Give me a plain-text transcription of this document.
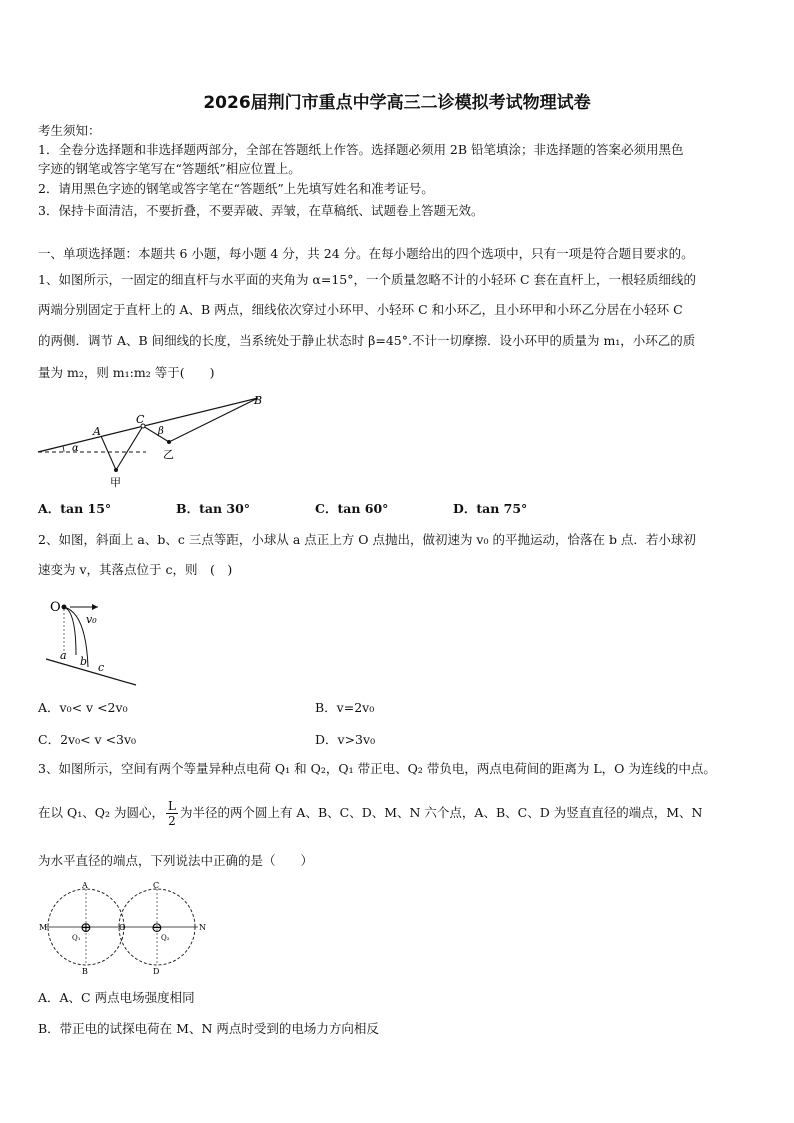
2026届荆门市重点中学高三二诊模拟考试物理试卷
考生须知：
1．全卷分选择题和非选择题两部分，全部在答题纸上作答。选择题必须用 2B 铅笔填涂；非选择题的答案必须用黑色
字迹的钢笔或答字笔写在“答题纸”相应位置上。
2．请用黑色字迹的钢笔或答字笔在“答题纸”上先填写姓名和准考证号。
3．保持卡面清洁，不要折叠，不要弄破、弄皱，在草稿纸、试题卷上答题无效。
一、单项选择题：本题共 6 小题，每小题 4 分，共 24 分。在每小题给出的四个选项中，只有一项是符合题目要求的。
1、如图所示，一固定的细直杆与水平面的夹角为 α=15°，一个质量忽略不计的小轻环 C 套在直杆上，一根轻质细线的
两端分别固定于直杆上的 A、B 两点，细线依次穿过小环甲、小轻环 C 和小环乙，且小环甲和小环乙分居在小轻环 C
的两侧．调节 A、B 间细线的长度，当系统处于静止状态时 β=45°.不计一切摩擦．设小环甲的质量为 m₁，小环乙的质
量为 m₂，则 m₁:m₂ 等于(　　)
A
B
C
α
β
甲
乙
A．tan 15°	B．tan 30°	C．tan 60°	D．tan 75°
2、如图，斜面上 a、b、c 三点等距，小球从 a 点正上方 O 点抛出，做初速为 v₀ 的平抛运动，恰落在 b 点．若小球初
速变为 v，其落点位于 c，则　(　)
O
v₀
a b c
A．v₀< v <2v₀	B．v=2v₀
C．2v₀< v <3v₀	D．v>3v₀
3、如图所示，空间有两个等量异种点电荷 Q₁ 和 Q₂，Q₁ 带正电、Q₂ 带负电，两点电荷间的距离为 L，O 为连线的中点。
在以 Q₁、Q₂ 为圆心， $\frac{L}{2}$ 为半径的两个圆上有 A、B、C、D、M、N 六个点，A、B、C、D 为竖直直径的端点，M、N
为水平直径的端点，下列说法中正确的是（　　）
⊕	⊖
A
B
C
D
M	N
O
Q₁	Q₂
A．A、C 两点电场强度相同
B．带正电的试探电荷在 M、N 两点时受到的电场力方向相反
